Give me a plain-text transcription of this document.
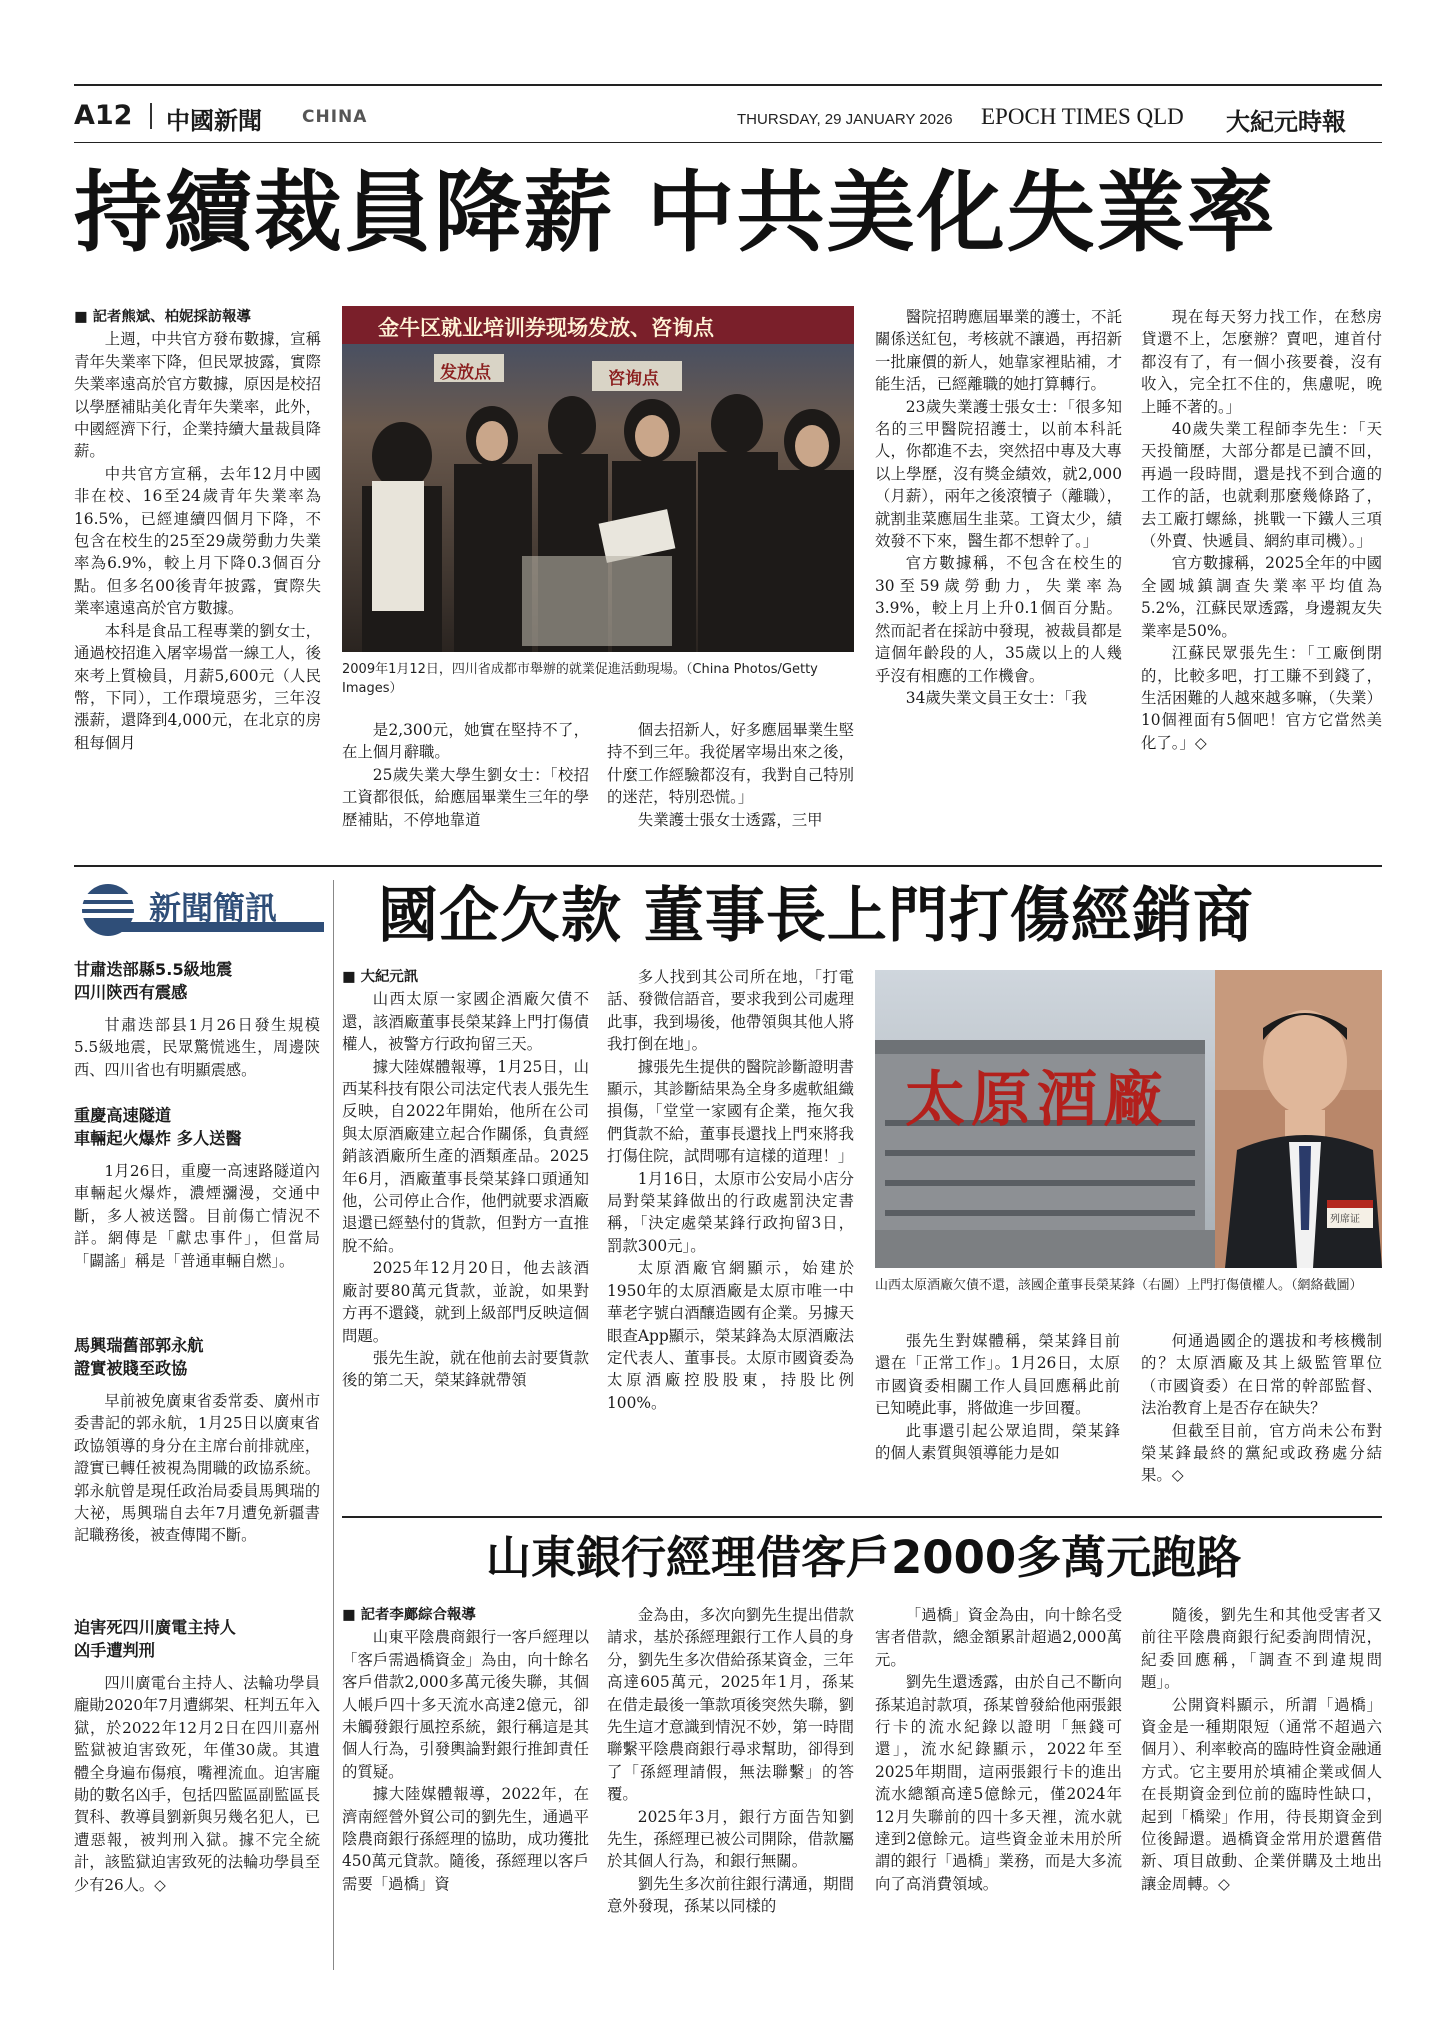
A12 中國新聞 CHINA	THURSDAY, 29 JANUARY 2026 EPOCH TIMES QLD 大紀元時報
持續裁員降薪 中共美化失業率

■ 記者熊斌、柏妮採訪報導

上週，中共官方發布數據，宣稱青年失業率下降，但民眾披露，實際失業率遠高於官方數據，原因是校招以學歷補貼美化青年失業率，此外，中國經濟下行，企業持續大量裁員降薪。

中共官方宣稱，去年12月中國非在校、16至24歲青年失業率為16.5%，已經連續四個月下降，不包含在校生的25至29歲勞動力失業率為6.9%，較上月下降0.3個百分點。但多名00後青年披露，實際失業率遠遠高於官方數據。

本科是食品工程專業的劉女士，通過校招進入屠宰場當一線工人，後來考上質檢員，月薪5,600元（人民幣，下同），工作環境惡劣，三年沒漲薪，還降到4,000元，在北京的房租每個月

金牛区就业培训券现场发放、咨询点
发放点	咨询点
2009年1月12日，四川省成都市舉辦的就業促進活動現場。（China Photos/Getty Images）

是2,300元，她實在堅持不了，在上個月辭職。

25歲失業大學生劉女士：「校招工資都很低，給應屆畢業生三年的學歷補貼，不停地靠道

個去招新人，好多應屆畢業生堅持不到三年。我從屠宰場出來之後，什麼工作經驗都沒有，我對自己特別的迷茫，特別恐慌。」

失業護士張女士透露，三甲

醫院招聘應屆畢業的護士，不託關係送紅包，考核就不讓過，再招新一批廉價的新人，她靠家裡貼補，才能生活，已經離職的她打算轉行。

23歲失業護士張女士：「很多知名的三甲醫院招護士，以前本科託人，你都進不去，突然招中專及大專以上學歷，沒有獎金績效，就2,000（月薪），兩年之後滾犢子（離職），就割韭菜應屆生韭菜。工資太少，績效發不下來，醫生都不想幹了。」

官方數據稱，不包含在校生的30至59歲勞動力，失業率為3.9%，較上月上升0.1個百分點。然而記者在採訪中發現，被裁員都是這個年齡段的人，35歲以上的人幾乎沒有相應的工作機會。

34歲失業文員王女士：「我

現在每天努力找工作，在愁房貸還不上，怎麼辦？賣吧，連首付都沒有了，有一個小孩要養，沒有收入，完全扛不住的，焦慮呢，晚上睡不著的。」

40歲失業工程師李先生：「天天投簡歷，大部分都是已讀不回，再過一段時間，還是找不到合適的工作的話，也就剩那麼幾條路了，去工廠打螺絲，挑戰一下鐵人三項（外賣、快遞員、網約車司機）。」

官方數據稱，2025全年的中國全國城鎮調查失業率平均值為5.2%，江蘇民眾透露，身邊親友失業率是50%。

江蘇民眾張先生：「工廠倒閉的，比較多吧，打工賺不到錢了，生活困難的人越來越多嘛，（失業）10個裡面有5個吧！官方它當然美化了。」◇

新聞簡訊
甘肅迭部縣5.5級地震
四川陝西有震感
甘肅迭部县1月26日發生規模5.5級地震，民眾驚慌逃生，周邊陝西、四川省也有明顯震感。
重慶高速隧道
車輛起火爆炸 多人送醫
1月26日，重慶一高速路隧道內車輛起火爆炸，濃煙瀰漫，交通中斷，多人被送醫。目前傷亡情況不詳。網傳是「獻忠事件」，但當局「闢謠」稱是「普通車輛自燃」。
馬興瑞舊部郭永航
證實被賤至政協
早前被免廣東省委常委、廣州市委書記的郭永航，1月25日以廣東省政協領導的身分在主席台前排就座，證實已轉任被視為閒職的政協系統。郭永航曾是現任政治局委員馬興瑞的大祕，馬興瑞自去年7月遭免新疆書記職務後，被查傳聞不斷。
迫害死四川廣電主持人
凶手遭判刑
四川廣電台主持人、法輪功學員龐勛2020年7月遭綁架、枉判五年入獄，於2022年12月2日在四川嘉州監獄被迫害致死，年僅30歲。其遺體全身遍布傷痕，嘴裡流血。迫害龐勛的數名凶手，包括四監區副監區長賀科、教導員劉新與另幾名犯人，已遭惡報，被判刑入獄。據不完全統計，該監獄迫害致死的法輪功學員至少有26人。◇
國企欠款 董事長上門打傷經銷商

■ 大紀元訊

山西太原一家國企酒廠欠債不還，該酒廠董事長榮某鋒上門打傷債權人，被警方行政拘留三天。

據大陸媒體報導，1月25日，山西某科技有限公司法定代表人張先生反映，自2022年開始，他所在公司與太原酒廠建立起合作關係，負責經銷該酒廠所生產的酒類產品。2025年6月，酒廠董事長榮某鋒口頭通知他，公司停止合作，他們就要求酒廠退還已經墊付的貨款，但對方一直推脫不給。

2025年12月20日，他去該酒廠討要80萬元貨款，並說，如果對方再不還錢，就到上級部門反映這個問題。

張先生說，就在他前去討要貨款後的第二天，榮某鋒就帶領

多人找到其公司所在地，「打電話、發微信語音，要求我到公司處理此事，我到場後，他帶領與其他人將我打倒在地」。

據張先生提供的醫院診斷證明書顯示，其診斷結果為全身多處軟組織損傷，「堂堂一家國有企業，拖欠我們貨款不給，董事長還找上門來將我打傷住院，試問哪有這樣的道理！」

1月16日，太原市公安局小店分局對榮某鋒做出的行政處罰決定書稱，「決定處榮某鋒行政拘留3日，罰款300元」。

太原酒廠官網顯示，始建於1950年的太原酒廠是太原市唯一中華老字號白酒釀造國有企業。另據天眼查App顯示，榮某鋒為太原酒廠法定代表人、董事長。太原市國資委為太原酒廠控股股東，持股比例100%。

太原酒廠
列席证
山西太原酒廠欠債不還，該國企董事長榮某鋒（右圖）上門打傷債權人。（網絡截圖）

張先生對媒體稱，榮某鋒目前還在「正常工作」。1月26日，太原市國資委相關工作人員回應稱此前已知曉此事，將做進一步回覆。

此事還引起公眾追問，榮某鋒的個人素質與領導能力是如

何通過國企的選拔和考核機制的？太原酒廠及其上級監管單位（市國資委）在日常的幹部監督、法治教育上是否存在缺失？

但截至目前，官方尚未公布對榮某鋒最終的黨紀或政務處分結果。◇

山東銀行經理借客戶2000多萬元跑路

■ 記者李鄺綜合報導

山東平陰農商銀行一客戶經理以「客戶需過橋資金」為由，向十餘名客戶借款2,000多萬元後失聯，其個人帳戶四十多天流水高達2億元，卻未觸發銀行風控系統，銀行稱這是其個人行為，引發輿論對銀行推卸責任的質疑。

據大陸媒體報導，2022年，在濟南經營外貿公司的劉先生，通過平陰農商銀行孫經理的協助，成功獲批450萬元貸款。隨後，孫經理以客戶需要「過橋」資

金為由，多次向劉先生提出借款請求，基於孫經理銀行工作人員的身分，劉先生多次借給孫某資金，三年高達605萬元，2025年1月，孫某在借走最後一筆款項後突然失聯，劉先生這才意識到情況不妙，第一時間聯繫平陰農商銀行尋求幫助，卻得到了「孫經理請假，無法聯繫」的答覆。

2025年3月，銀行方面告知劉先生，孫經理已被公司開除，借款屬於其個人行為，和銀行無關。

劉先生多次前往銀行溝通，期間意外發現，孫某以同樣的

「過橋」資金為由，向十餘名受害者借款，總金額累計超過2,000萬元。

劉先生還透露，由於自己不斷向孫某追討款項，孫某曾發給他兩張銀行卡的流水紀錄以證明「無錢可還」，流水紀錄顯示，2022年至2025年期間，這兩張銀行卡的進出流水總額高達5億餘元，僅2024年12月失聯前的四十多天裡，流水就達到2億餘元。這些資金並未用於所謂的銀行「過橋」業務，而是大多流向了高消費領域。

隨後，劉先生和其他受害者又前往平陰農商銀行紀委詢問情況，紀委回應稱，「調查不到違規問題」。

公開資料顯示，所謂「過橋」資金是一種期限短（通常不超過六個月）、利率較高的臨時性資金融通方式。它主要用於填補企業或個人在長期資金到位前的臨時性缺口，起到「橋梁」作用，待長期資金到位後歸還。過橋資金常用於還舊借新、項目啟動、企業併購及土地出讓金周轉。◇
